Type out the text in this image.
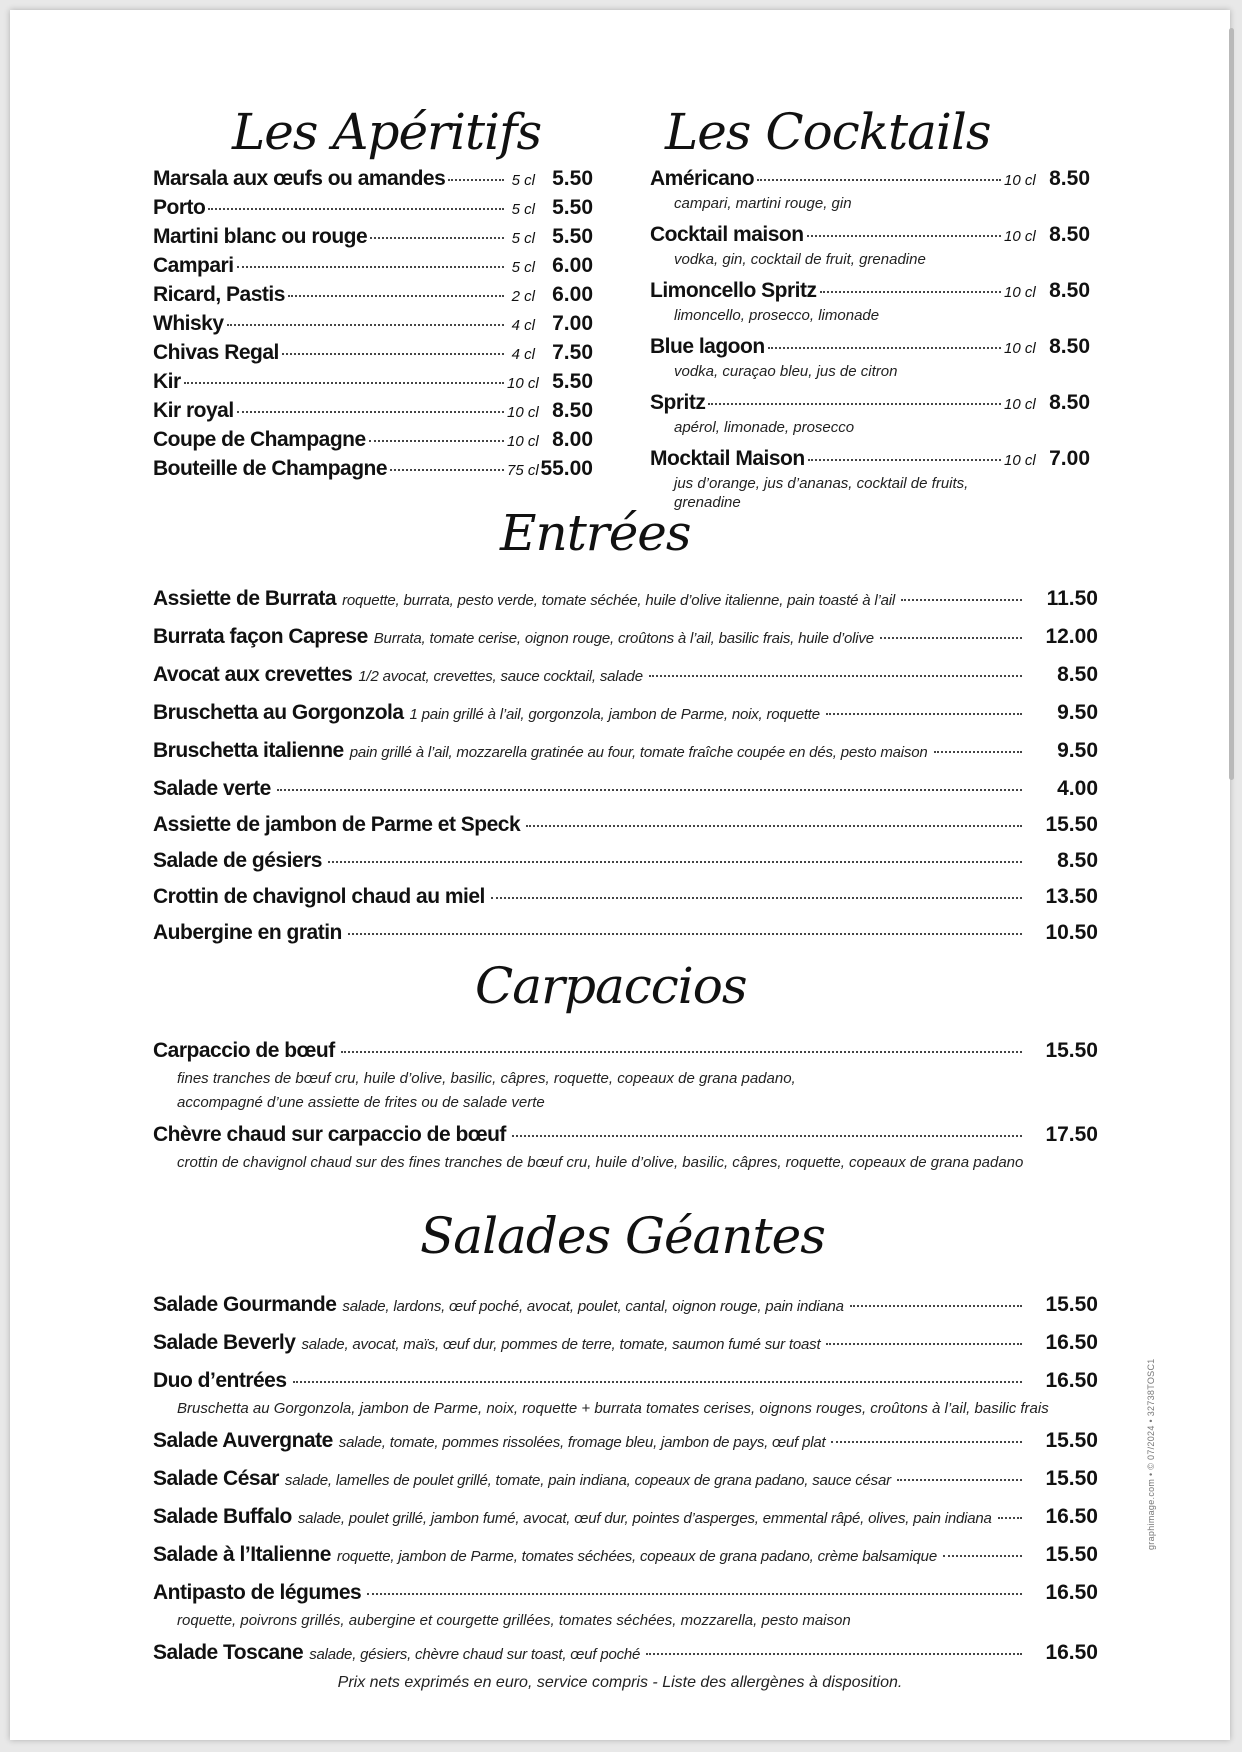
Les Apéritifs
Marsala aux œufs ou amandes	5 cl 5.50
Porto	5 cl 5.50
Martini blanc ou rouge	5 cl 5.50
Campari	5 cl 6.00
Ricard, Pastis	2 cl 6.00
Whisky	4 cl 7.00
Chivas Regal	4 cl 7.50
Kir	10 cl 5.50
Kir royal	10 cl 8.50
Coupe de Champagne	10 cl 8.00
Bouteille de Champagne	75 cl 55.00
Les Cocktails
Américano	10 cl 8.50
campari, martini rouge, gin
Cocktail maison	10 cl 8.50
vodka, gin, cocktail de fruit, grenadine
Limoncello Spritz	10 cl 8.50
limoncello, prosecco, limonade
Blue lagoon	10 cl 8.50
vodka, curaçao bleu, jus de citron
Spritz	10 cl 8.50
apérol, limonade, prosecco
Mocktail Maison	10 cl 7.00
jus d’orange, jus d’ananas, cocktail de fruits, grenadine
Entrées
Assiette de Burrata roquette, burrata, pesto verde, tomate séchée, huile d’olive italienne, pain toasté à l’ail	11.50
Burrata façon Caprese Burrata, tomate cerise, oignon rouge, croûtons à l’ail, basilic frais, huile d’olive	12.00
Avocat aux crevettes 1/2 avocat, crevettes, sauce cocktail, salade	8.50
Bruschetta au Gorgonzola 1 pain grillé à l’ail, gorgonzola, jambon de Parme, noix, roquette	9.50
Bruschetta italienne pain grillé à l’ail, mozzarella gratinée au four, tomate fraîche coupée en dés, pesto maison	9.50
Salade verte	4.00
Assiette de jambon de Parme et Speck	15.50
Salade de gésiers	8.50
Crottin de chavignol chaud au miel	13.50
Aubergine en gratin	10.50
Carpaccios
Carpaccio de bœuf	15.50
fines tranches de bœuf cru, huile d’olive, basilic, câpres, roquette, copeaux de grana padano,
accompagné d’une assiette de frites ou de salade verte
Chèvre chaud sur carpaccio de bœuf	17.50
crottin de chavignol chaud sur des fines tranches de bœuf cru, huile d’olive, basilic, câpres, roquette, copeaux de grana padano
Salades Géantes
Salade Gourmande salade, lardons, œuf poché, avocat, poulet, cantal, oignon rouge, pain indiana	15.50
Salade Beverly salade, avocat, maïs, œuf dur, pommes de terre, tomate, saumon fumé sur toast	16.50
Duo d’entrées	16.50
Bruschetta au Gorgonzola, jambon de Parme, noix, roquette + burrata tomates cerises, oignons rouges, croûtons à l’ail, basilic frais
Salade Auvergnate salade, tomate, pommes rissolées, fromage bleu, jambon de pays, œuf plat	15.50
Salade César salade, lamelles de poulet grillé, tomate, pain indiana, copeaux de grana padano, sauce césar	15.50
Salade Buffalo salade, poulet grillé, jambon fumé, avocat, œuf dur, pointes d’asperges, emmental râpé, olives, pain indiana	16.50
Salade à l’Italienne roquette, jambon de Parme, tomates séchées, copeaux de grana padano, crème balsamique	15.50
Antipasto de légumes	16.50
roquette, poivrons grillés, aubergine et courgette grillées, tomates séchées, mozzarella, pesto maison
Salade Toscane salade, gésiers, chèvre chaud sur toast, œuf poché	16.50
Prix nets exprimés en euro, service compris - Liste des allergènes à disposition.
graphimage.com • © 07/2024 • 32738TOSC1
